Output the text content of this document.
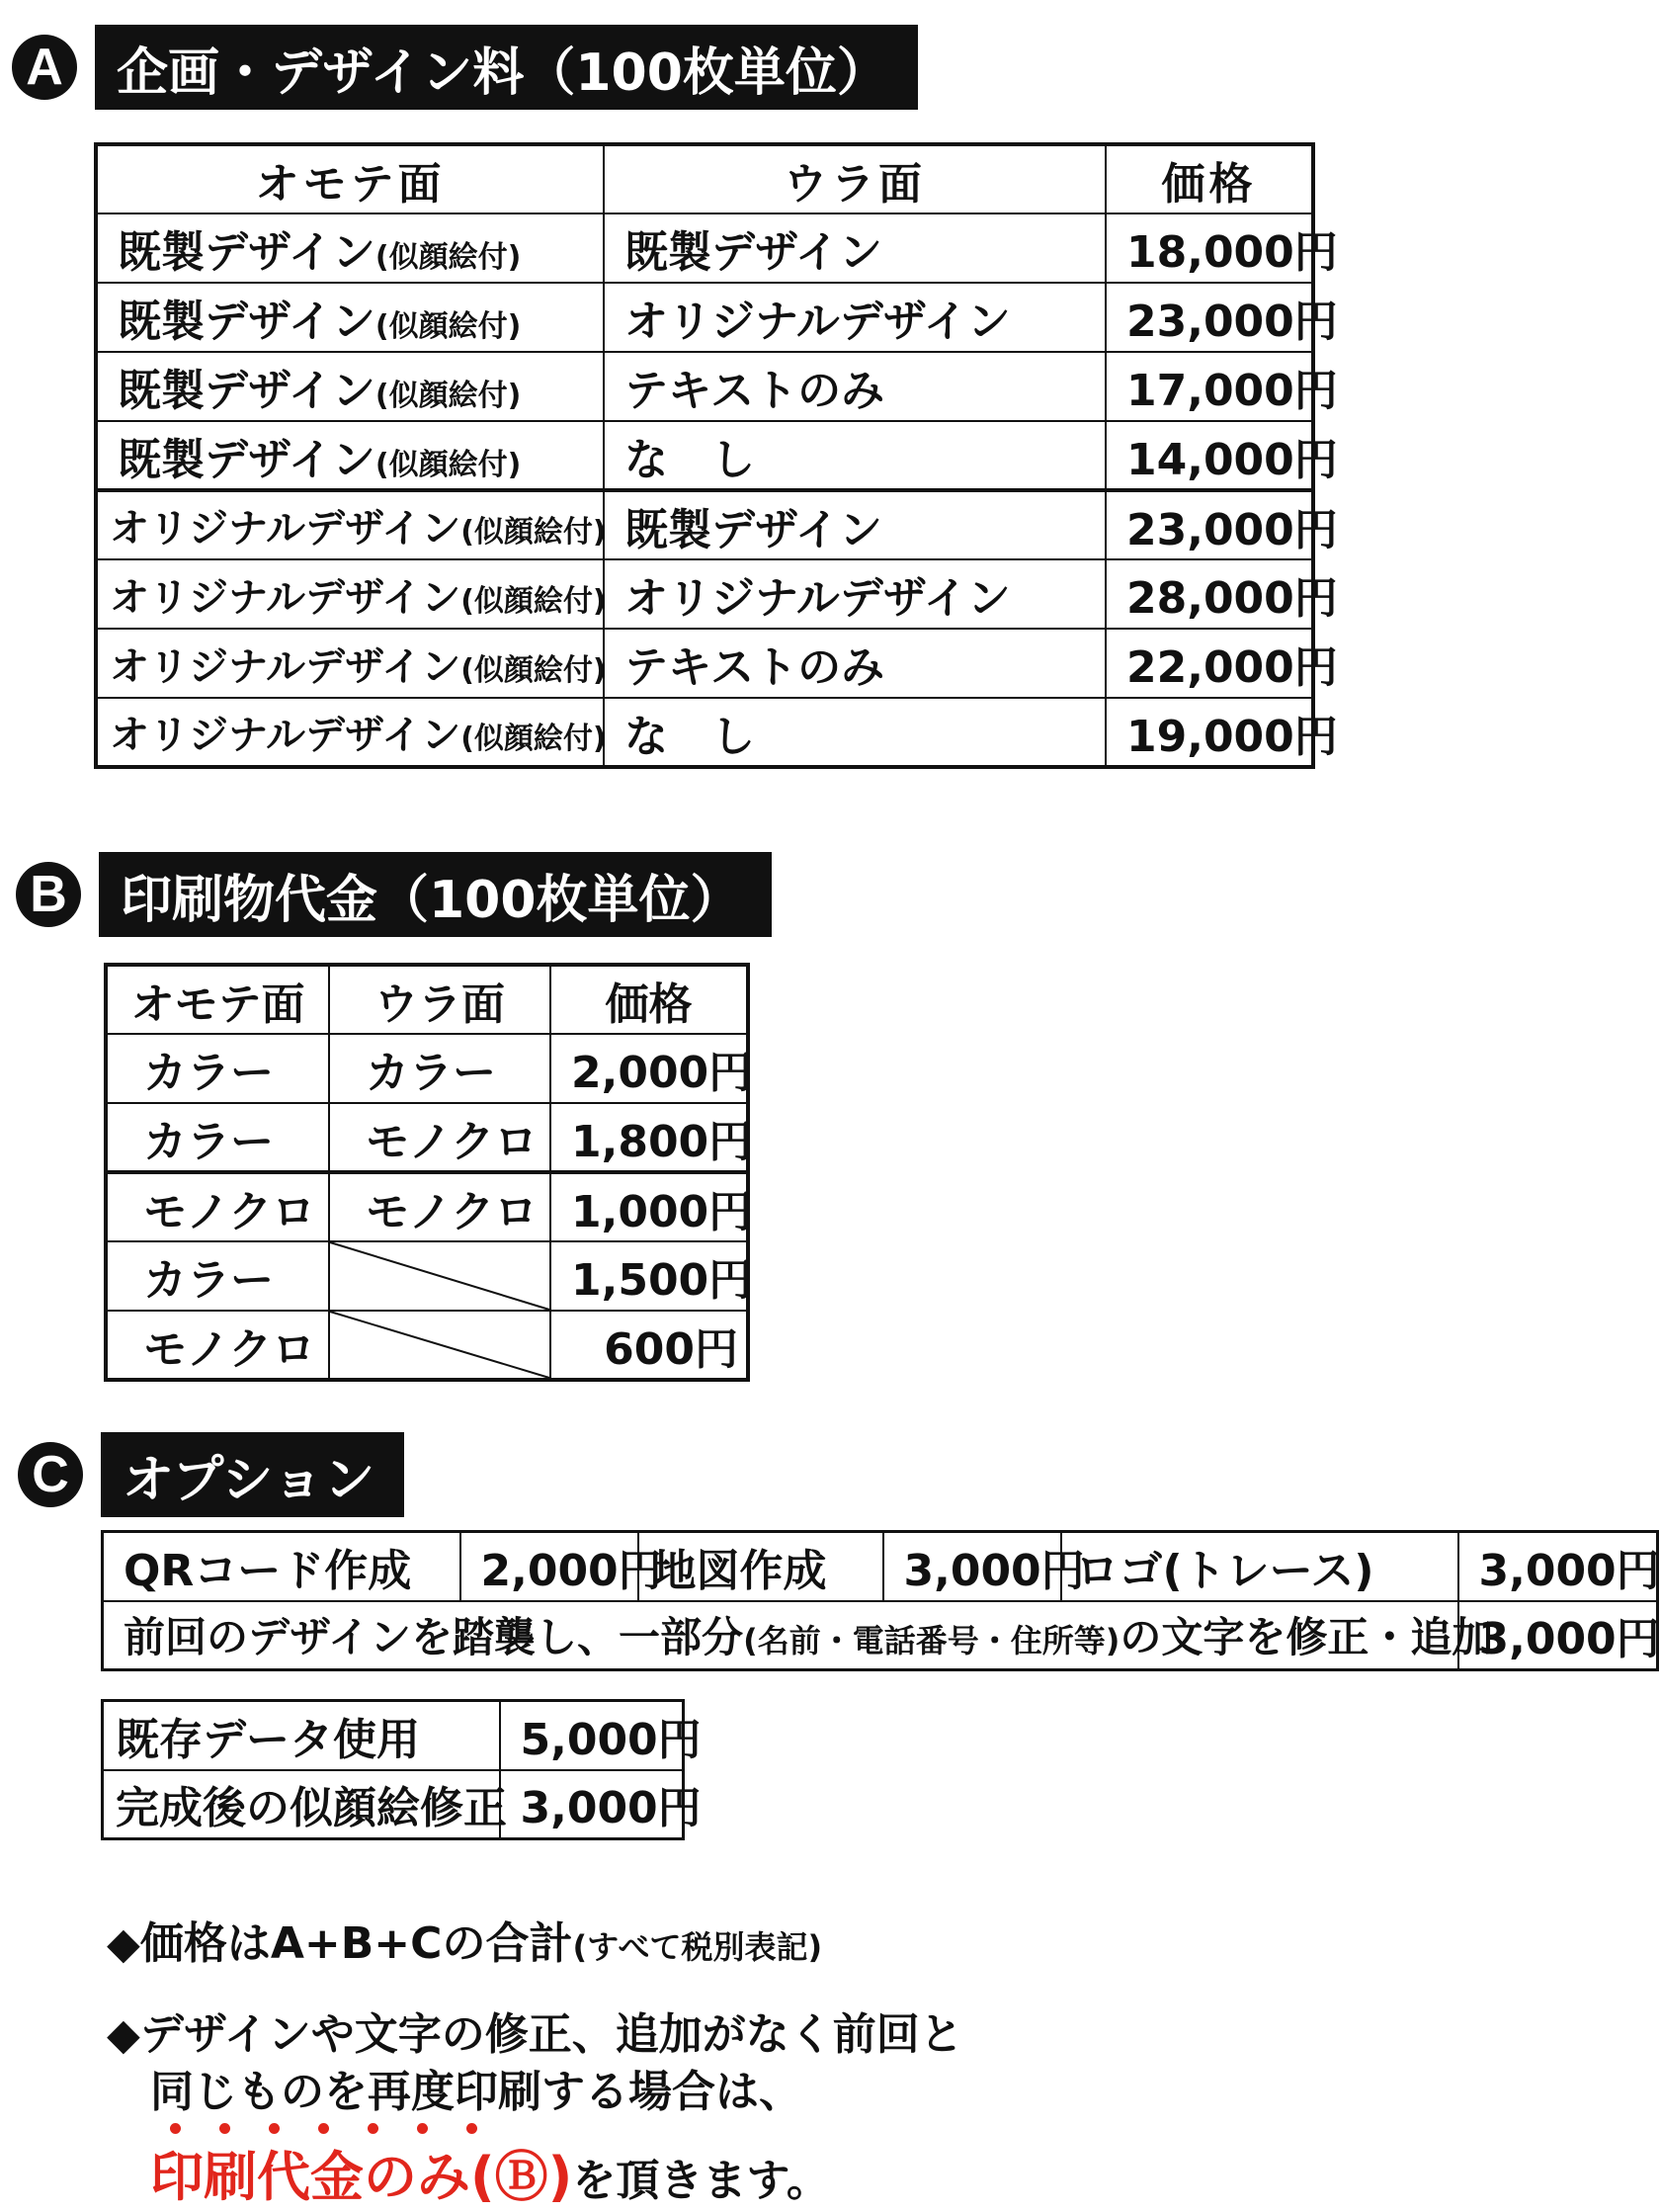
A	企画・デザイン料（100枚単位）
オモテ面	ウラ面	価格
既製デザイン(似顔絵付)	既製デザイン	18,000円
既製デザイン(似顔絵付)	オリジナルデザイン	23,000円
既製デザイン(似顔絵付)	テキストのみ	17,000円
既製デザイン(似顔絵付)	な　し	14,000円
オリジナルデザイン(似顔絵付)	既製デザイン	23,000円
オリジナルデザイン(似顔絵付)	オリジナルデザイン	28,000円
オリジナルデザイン(似顔絵付)	テキストのみ	22,000円
オリジナルデザイン(似顔絵付)	な　し	19,000円
B	印刷物代金（100枚単位）
オモテ面	ウラ面	価格
カラー	カラー	2,000円
カラー	モノクロ	1,800円
モノクロ	モノクロ	1,000円
カラー		1,500円
モノクロ		600円
C	オプション
QRコード作成	2,000円	地図作成	3,000円	ロゴ(トレース)	3,000円
前回のデザインを踏襲し、一部分(名前・電話番号・住所等)の文字を修正・追加					3,000円
既存データ使用	5,000円
完成後の似顔絵修正	3,000円
◆価格はA+B+Cの合計(すべて税別表記)
◆デザインや文字の修正、追加がなく前回と
同じものを再度印刷する場合は、
印刷代金のみ(Ⓑ)を頂きます。
